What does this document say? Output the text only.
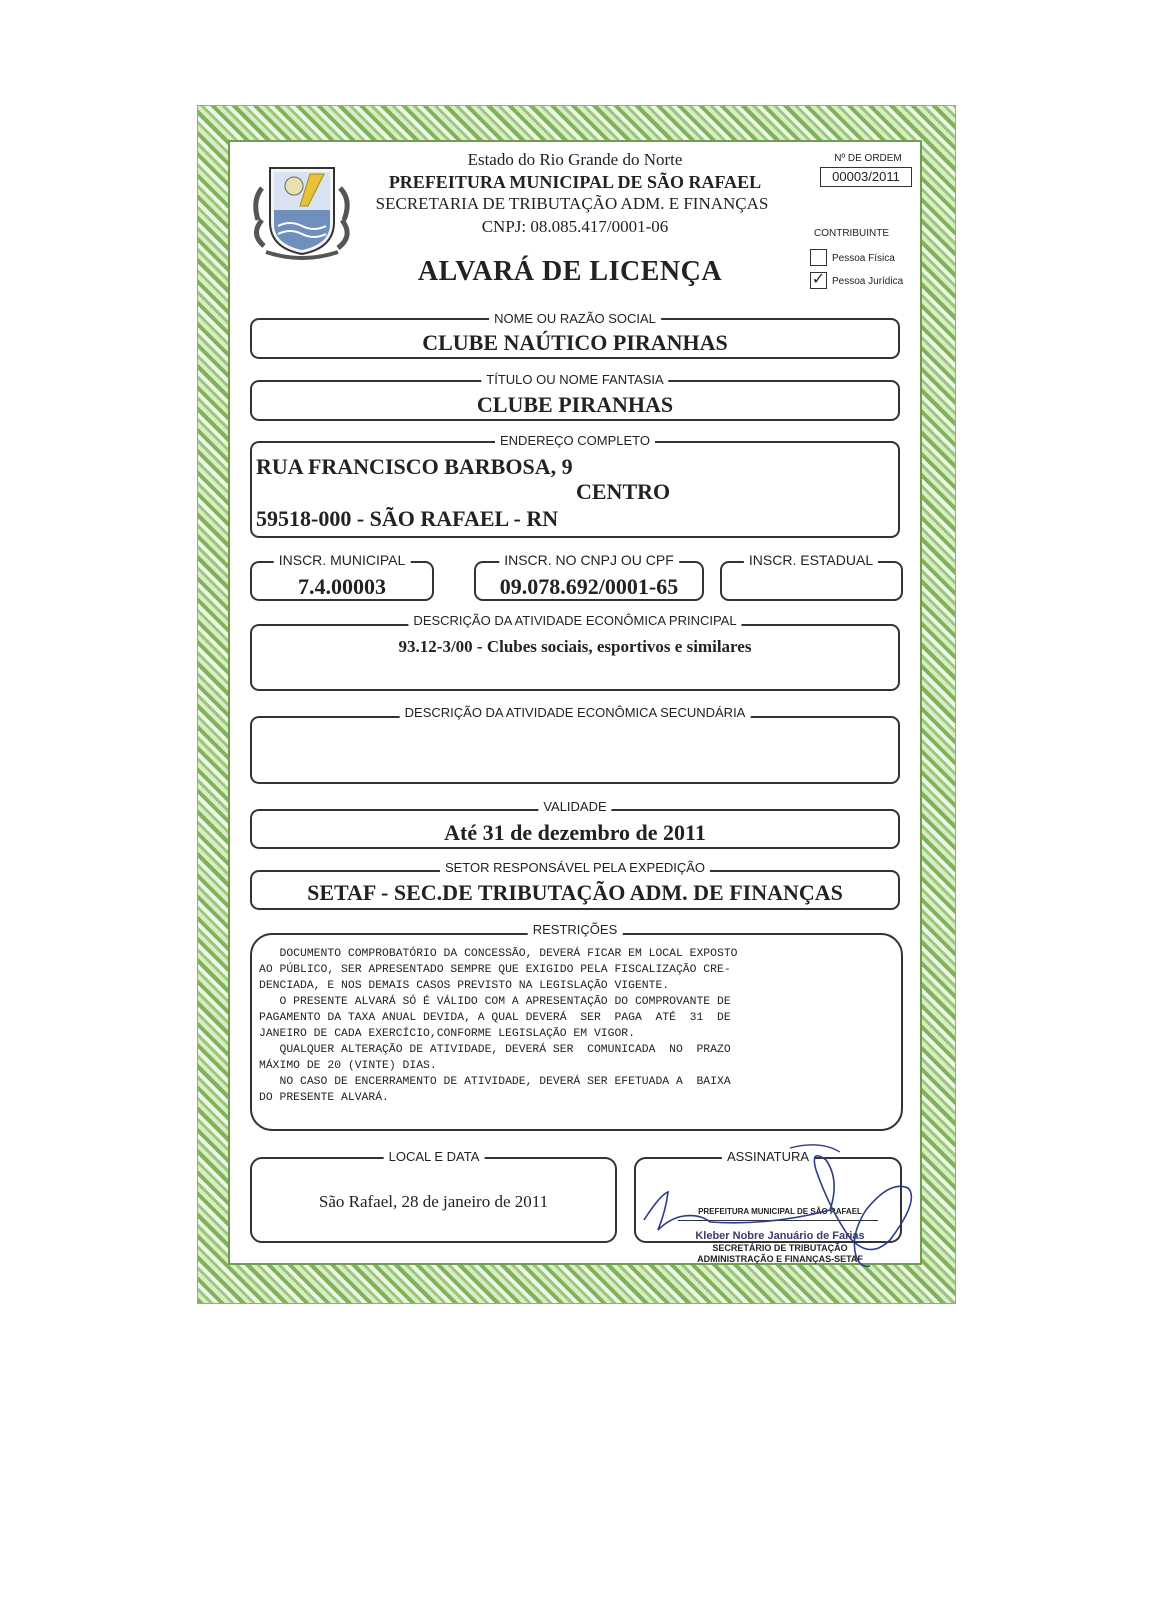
Estado do Rio Grande do Norte
PREFEITURA MUNICIPAL DE SÃO RAFAEL
SECRETARIA DE TRIBUTAÇÃO ADM. E FINANÇAS
CNPJ: 08.085.417/0001-06
Nº DE ORDEM
00003/2011
CONTRIBUINTE
Pessoa Física
✓ Pessoa Jurídica
ALVARÁ DE LICENÇA
NOME OU RAZÃO SOCIAL
CLUBE NAÚTICO PIRANHAS
TÍTULO OU NOME FANTASIA
CLUBE PIRANHAS
ENDEREÇO COMPLETO
RUA FRANCISCO BARBOSA, 9
CENTRO
59518-000 - SÃO RAFAEL - RN
INSCR. MUNICIPAL
7.4.00003
INSCR. NO CNPJ OU CPF
09.078.692/0001-65
INSCR. ESTADUAL
DESCRIÇÃO DA ATIVIDADE ECONÔMICA PRINCIPAL
93.12-3/00 - Clubes sociais, esportivos e similares
DESCRIÇÃO DA ATIVIDADE ECONÔMICA SECUNDÁRIA
VALIDADE
Até 31 de dezembro de 2011
SETOR RESPONSÁVEL PELA EXPEDIÇÃO
SETAF - SEC.DE TRIBUTAÇÃO ADM. DE FINANÇAS
RESTRIÇÕES
DOCUMENTO COMPROBATÓRIO DA CONCESSÃO, DEVERÁ FICAR EM LOCAL EXPOSTO
AO PÚBLICO, SER APRESENTADO SEMPRE QUE EXIGIDO PELA FISCALIZAÇÃO CRE-
DENCIADA, E NOS DEMAIS CASOS PREVISTO NA LEGISLAÇÃO VIGENTE.
O PRESENTE ALVARÁ SÓ É VÁLIDO COM A APRESENTAÇÃO DO COMPROVANTE DE
PAGAMENTO DA TAXA ANUAL DEVIDA, A QUAL DEVERÁ  SER  PAGA  ATÉ  31  DE
JANEIRO DE CADA EXERCÍCIO,CONFORME LEGISLAÇÃO EM VIGOR.
QUALQUER ALTERAÇÃO DE ATIVIDADE, DEVERÁ SER  COMUNICADA  NO  PRAZO
MÁXIMO DE 20 (VINTE) DIAS.
NO CASO DE ENCERRAMENTO DE ATIVIDADE, DEVERÁ SER EFETUADA A  BAIXA
DO PRESENTE ALVARÁ.
LOCAL E DATA
São Rafael, 28 de janeiro de 2011
ASSINATURA
PREFEITURA MUNICIPAL DE SÃO RAFAEL
Kleber Nobre Januário de Farias
SECRETÁRIO DE TRIBUTAÇÃO
ADMINISTRAÇÃO E FINANÇAS-SETAF
